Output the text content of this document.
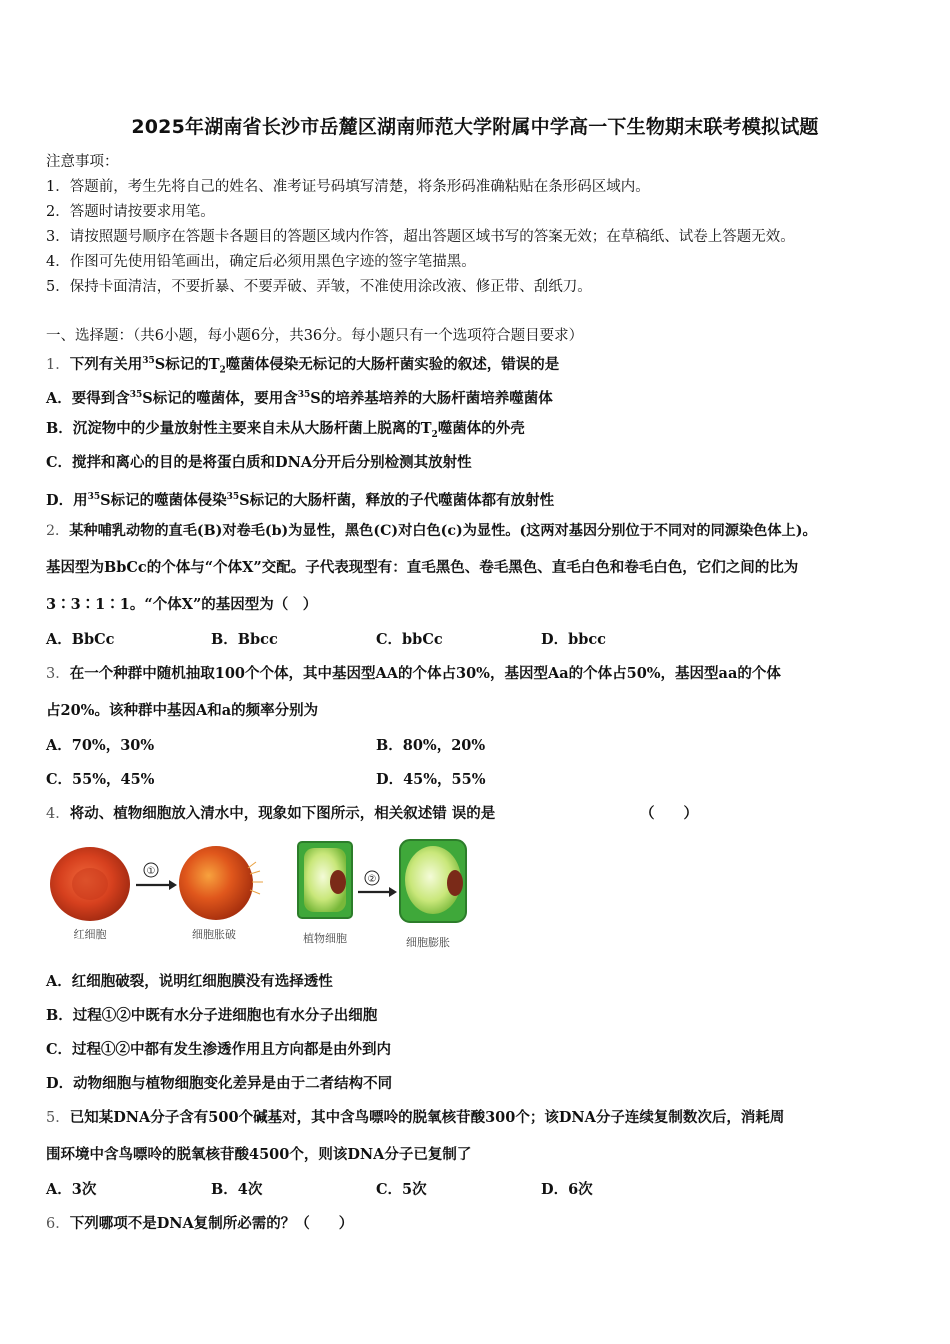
2025年湖南省长沙市岳麓区湖南师范大学附属中学高一下生物期末联考模拟试题
注意事项：
1．答题前，考生先将自己的姓名、准考证号码填写清楚，将条形码准确粘贴在条形码区域内。
2．答题时请按要求用笔。
3．请按照题号顺序在答题卡各题目的答题区域内作答，超出答题区域书写的答案无效；在草稿纸、试卷上答题无效。
4．作图可先使用铅笔画出，确定后必须用黑色字迹的签字笔描黑。
5．保持卡面清洁，不要折暴、不要弄破、弄皱，不准使用涂改液、修正带、刮纸刀。
一、选择题：（共6小题，每小题6分，共36分。每小题只有一个选项符合题目要求）
1．下列有关用$^{35}$S标记的$T_2$噬菌体侵染无标记的大肠杆菌实验的叙述，错误的是
A．要得到含$^{35}$S标记的噬菌体，要用含$^{35}$S的培养基培养的大肠杆菌培养噬菌体
B．沉淀物中的少量放射性主要来自未从大肠杆菌上脱离的$T_2$噬菌体的外壳
C．搅拌和离心的目的是将蛋白质和DNA分开后分别检测其放射性
D．用$^{35}$S标记的噬菌体侵染$^{35}$S标记的大肠杆菌，释放的子代噬菌体都有放射性
2．某种哺乳动物的直毛(B)对卷毛(b)为显性，黑色(C)对白色(c)为显性。(这两对基因分别位于不同对的同源染色体上)。
基因型为BbCc的个体与“个体X”交配。子代表现型有：直毛黑色、卷毛黑色、直毛白色和卷毛白色，它们之间的比为
3∶3∶1∶1。“个体X”的基因型为（　）
A．BbCc	B．Bbcc	C．bbCc	D．bbcc
3．在一个种群中随机抽取100个个体，其中基因型AA的个体占30%，基因型Aa的个体占50%，基因型aa的个体
占20%。该种群中基因A和a的频率分别为
A．70%，30%	B．80%，20%
C．55%，45%	D．45%，55%
4．将动、植物细胞放入清水中，现象如下图所示，相关叙述错 误的是	（　　）
①
②
红细胞	细胞胀破	植物细胞	细胞膨胀
A．红细胞破裂，说明红细胞膜没有选择透性
B．过程①②中既有水分子进细胞也有水分子出细胞
C．过程①②中都有发生渗透作用且方向都是由外到内
D．动物细胞与植物细胞变化差异是由于二者结构不同
5．已知某DNA分子含有500个碱基对，其中含鸟嘌呤的脱氧核苷酸300个；该DNA分子连续复制数次后，消耗周
围环境中含鸟嘌呤的脱氧核苷酸4500个，则该DNA分子已复制了
A．3次	B．4次	C．5次	D．6次
6．下列哪项不是DNA复制所必需的？（　　）
